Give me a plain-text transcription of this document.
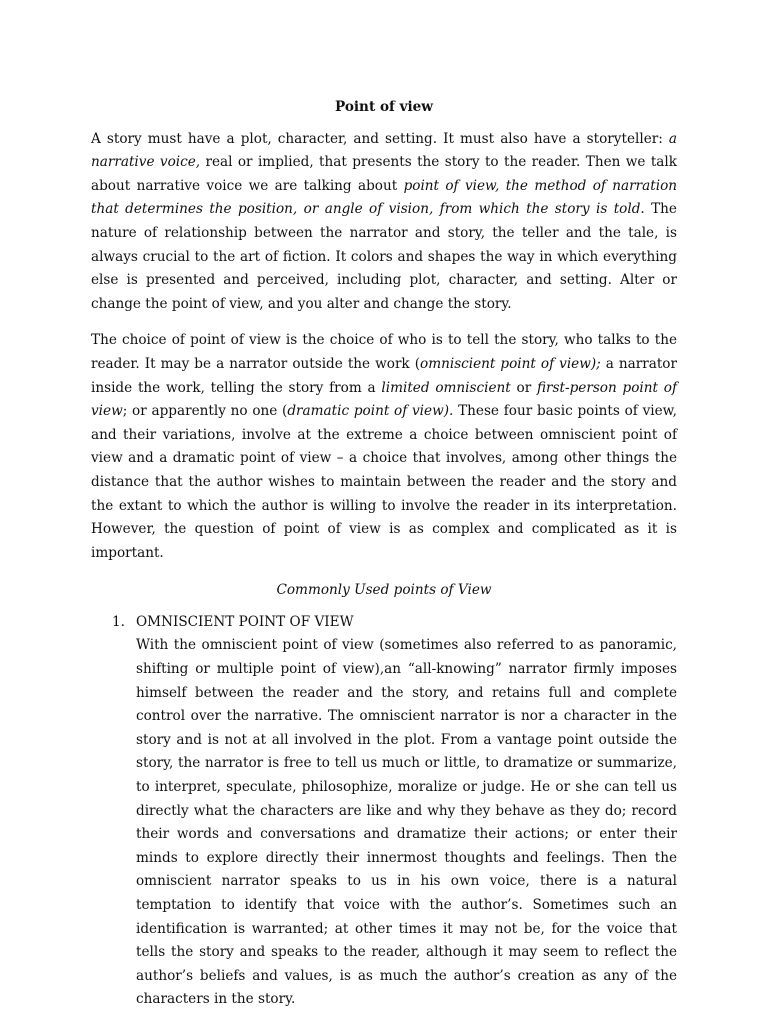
Point of view

A story must have a plot, character, and setting. It must also have a storyteller: a narrative voice, real or implied, that presents the story to the reader. Then we talk about narrative voice we are talking about point of view, the method of narration that determines the position, or angle of vision, from which the story is told. The nature of relationship between the narrator and story, the teller and the tale, is always crucial to the art of fiction. It colors and shapes the way in which everything else is presented and perceived, including plot, character, and setting. Alter or change the point of view, and you alter and change the story.

The choice of point of view is the choice of who is to tell the story, who talks to the reader. It may be a narrator outside the work (omniscient point of view); a narrator inside the work, telling the story from a limited omniscient or first-person point of view; or apparently no one (dramatic point of view). These four basic points of view, and their variations, involve at the extreme a choice between omniscient point of view and a dramatic point of view – a choice that involves, among other things the distance that the author wishes to maintain between the reader and the story and the extant to which the author is willing to involve the reader in its interpretation. However, the question of point of view is as complex and complicated as it is important.

Commonly Used points of View
1. OMNISCIENT POINT OF VIEW
With the omniscient point of view (sometimes also referred to as panoramic, shifting or multiple point of view),an “all-knowing” narrator firmly imposes himself between the reader and the story, and retains full and complete control over the narrative. The omniscient narrator is nor a character in the story and is not at all involved in the plot. From a vantage point outside the story, the narrator is free to tell us much or little, to dramatize or summarize, to interpret, speculate, philosophize, moralize or judge. He or she can tell us directly what the characters are like and why they behave as they do; record their words and conversations and dramatize their actions; or enter their minds to explore directly their innermost thoughts and feelings. Then the omniscient narrator speaks to us in his own voice, there is a natural temptation to identify that voice with the author’s. Sometimes such an identification is warranted; at other times it may not be, for the voice that tells the story and speaks to the reader, although it may seem to reflect the author’s beliefs and values, is as much the author’s creation as any of the characters in the story.
